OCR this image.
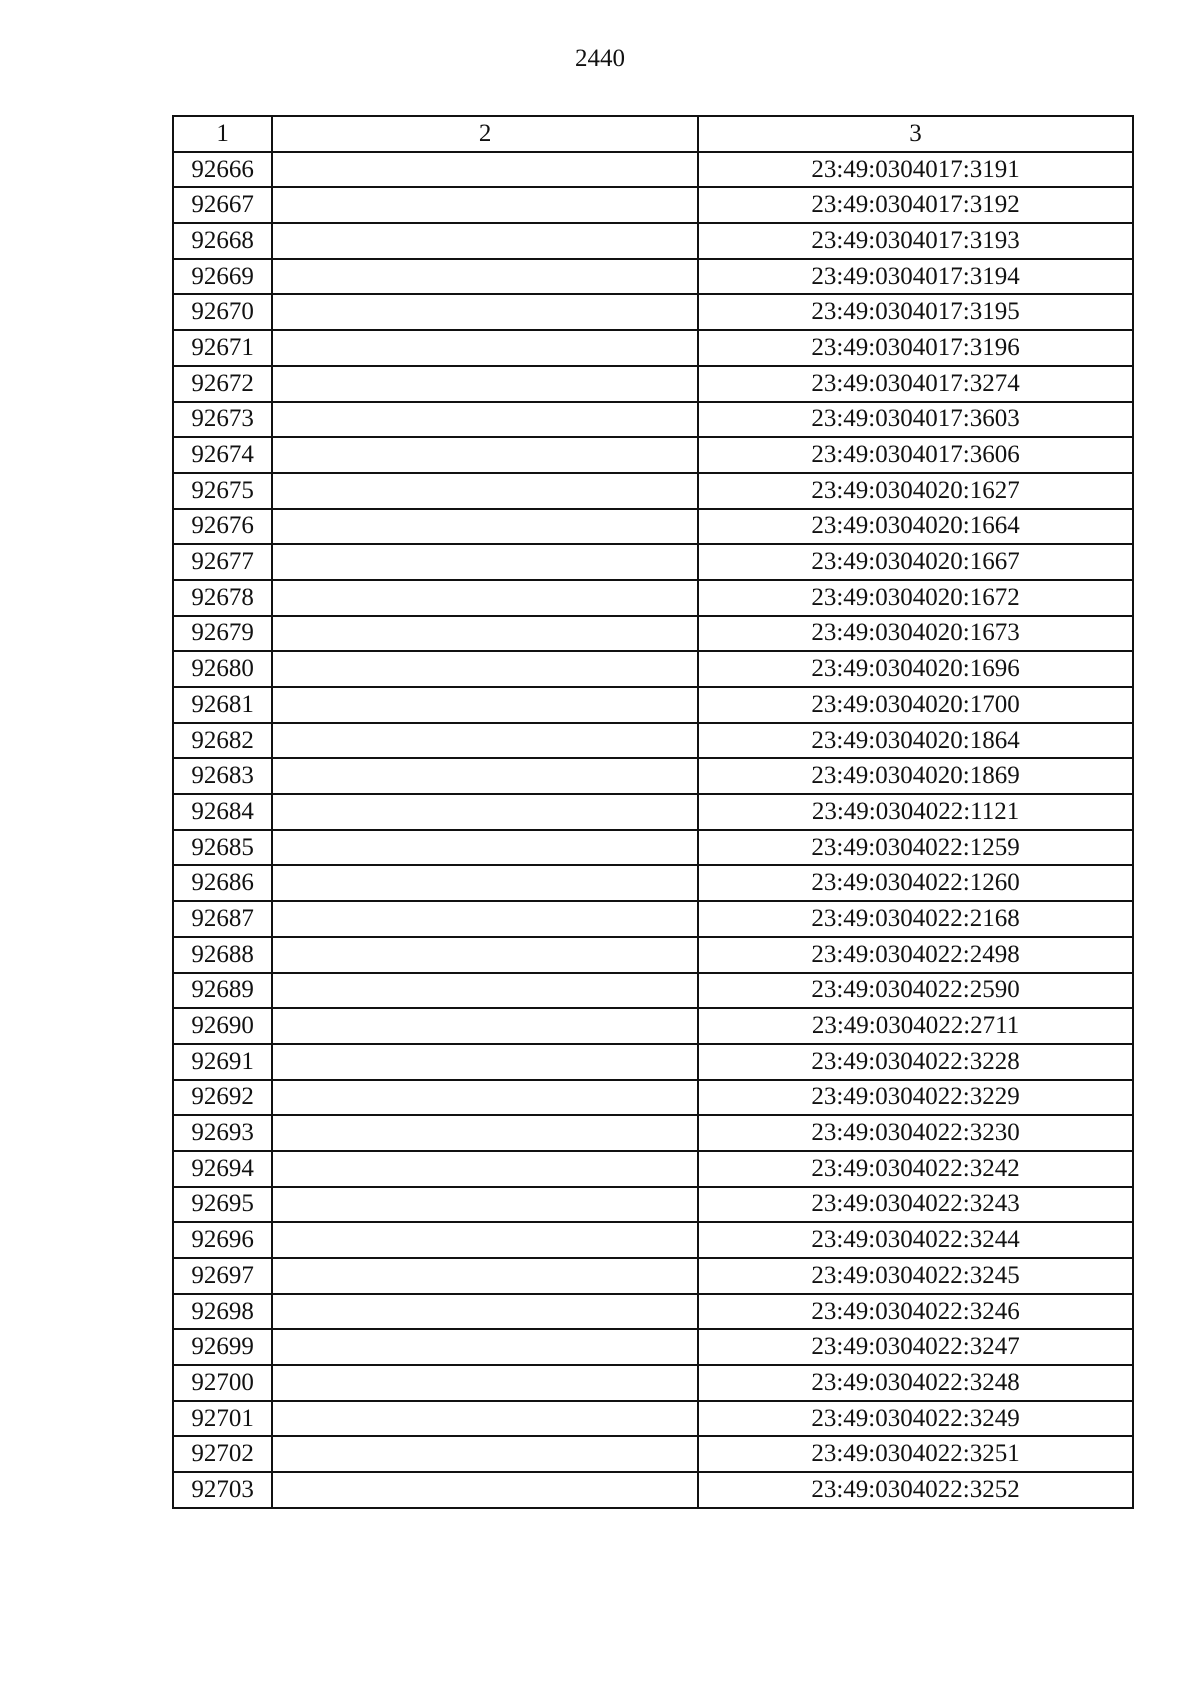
2440
1	2	3
92666		23:49:0304017:3191
92667		23:49:0304017:3192
92668		23:49:0304017:3193
92669		23:49:0304017:3194
92670		23:49:0304017:3195
92671		23:49:0304017:3196
92672		23:49:0304017:3274
92673		23:49:0304017:3603
92674		23:49:0304017:3606
92675		23:49:0304020:1627
92676		23:49:0304020:1664
92677		23:49:0304020:1667
92678		23:49:0304020:1672
92679		23:49:0304020:1673
92680		23:49:0304020:1696
92681		23:49:0304020:1700
92682		23:49:0304020:1864
92683		23:49:0304020:1869
92684		23:49:0304022:1121
92685		23:49:0304022:1259
92686		23:49:0304022:1260
92687		23:49:0304022:2168
92688		23:49:0304022:2498
92689		23:49:0304022:2590
92690		23:49:0304022:2711
92691		23:49:0304022:3228
92692		23:49:0304022:3229
92693		23:49:0304022:3230
92694		23:49:0304022:3242
92695		23:49:0304022:3243
92696		23:49:0304022:3244
92697		23:49:0304022:3245
92698		23:49:0304022:3246
92699		23:49:0304022:3247
92700		23:49:0304022:3248
92701		23:49:0304022:3249
92702		23:49:0304022:3251
92703		23:49:0304022:3252
